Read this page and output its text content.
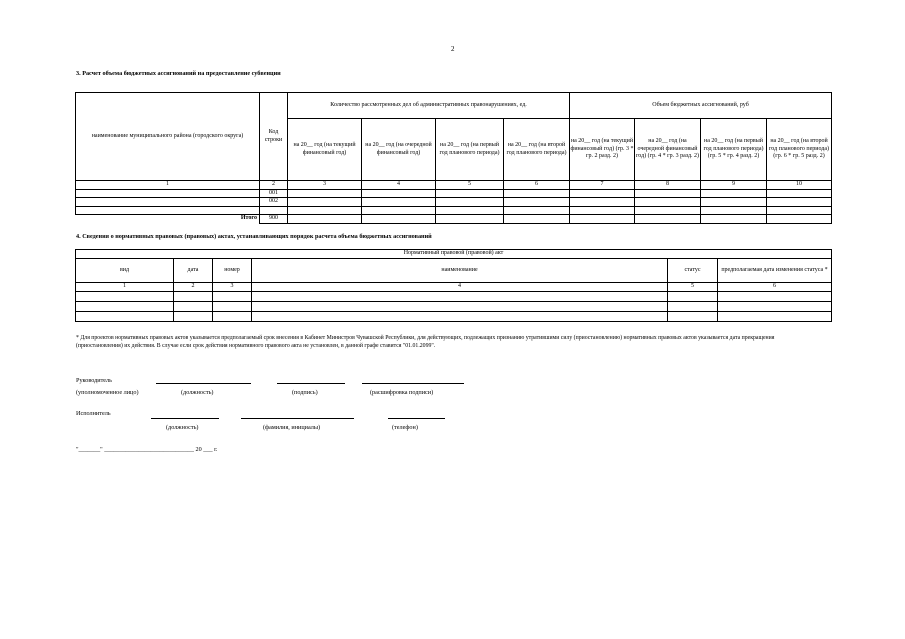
2
3. Расчет объема бюджетных ассигнований на предоставление субвенции
наименование муниципального района (городского округа)	Код строки	Количество рассмотренных дел об административных правонарушениях, ед.				Объем бюджетных ассигнований, руб			
		на 20__ год (на текущий финансовый год)	на 20__ год (на очередной финансовый год)	на 20__ год (на первый год планового периода)	на 20__ год (на второй год планового периода)	на 20__ год (на текущий финансовый год) (гр. 3 * гр. 2 разд. 2)	на 20__ год (на очередной финансовый год) (гр. 4 * гр. 3 разд. 2)	на 20__ год (на первый год планового периода) (гр. 5 * гр. 4 разд. 2)	на 20__ год (на второй год планового периода) (гр. 6 * гр. 5 разд. 2)
1	2	3	4	5	6	7	8	9	10
	001								
	002								

Итого	900								
4. Сведения о нормативных правовых (правовых) актах, устанавливающих порядок расчета объема бюджетных ассигнований
Нормативный правовой (правовой) акт					
вид	дата	номер	наименование	статус	предполагаемая дата изменения статуса *
1	2	3	4	5	6

* Для проектов нормативных правовых актов указывается предполагаемый срок внесения в Кабинет Министров Чувашской Республики, для действующих, подлежащих признанию утратившими силу (приостановлению) нормативных правовых актов указывается дата прекращения (приостановления) их действия. В случае если срок действия нормативного правового акта не установлен, в данной графе ставится "01.01.2099".
Руководитель
(уполномоченное лицо)	(должность)	(подпись)	(расшифровка подписи)
Исполнитель
(должность)	(фамилия, инициалы)	(телефон)
"_______" _____________________________ 20 ___ г.
